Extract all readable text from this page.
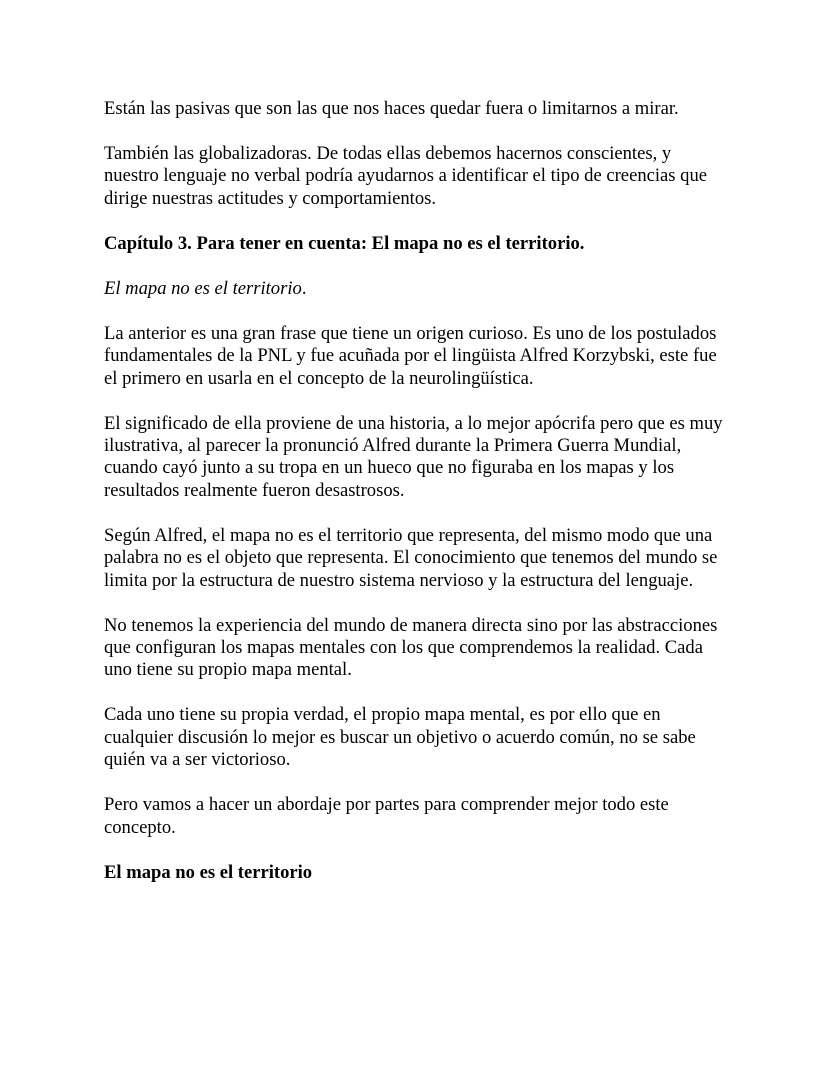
Están las pasivas que son las que nos haces quedar fuera o limitarnos a mirar.

También las globalizadoras. De todas ellas debemos hacernos conscientes, y nuestro lenguaje no verbal podría ayudarnos a identificar el tipo de creencias que dirige nuestras actitudes y comportamientos.

Capítulo 3. Para tener en cuenta: El mapa no es el territorio.

El mapa no es el territorio.

La anterior es una gran frase que tiene un origen curioso. Es uno de los postulados fundamentales de la PNL y fue acuñada por el lingüista Alfred Korzybski, este fue el primero en usarla en el concepto de la neurolingüística.

El significado de ella proviene de una historia, a lo mejor apócrifa pero que es muy ilustrativa, al parecer la pronunció Alfred durante la Primera Guerra Mundial, cuando cayó junto a su tropa en un hueco que no figuraba en los mapas y los resultados realmente fueron desastrosos.

Según Alfred, el mapa no es el territorio que representa, del mismo modo que una palabra no es el objeto que representa. El conocimiento que tenemos del mundo se limita por la estructura de nuestro sistema nervioso y la estructura del lenguaje.

No tenemos la experiencia del mundo de manera directa sino por las abstracciones que configuran los mapas mentales con los que comprendemos la realidad. Cada uno tiene su propio mapa mental.

Cada uno tiene su propia verdad, el propio mapa mental, es por ello que en cualquier discusión lo mejor es buscar un objetivo o acuerdo común, no se sabe quién va a ser victorioso.

Pero vamos a hacer un abordaje por partes para comprender mejor todo este concepto.

El mapa no es el territorio
